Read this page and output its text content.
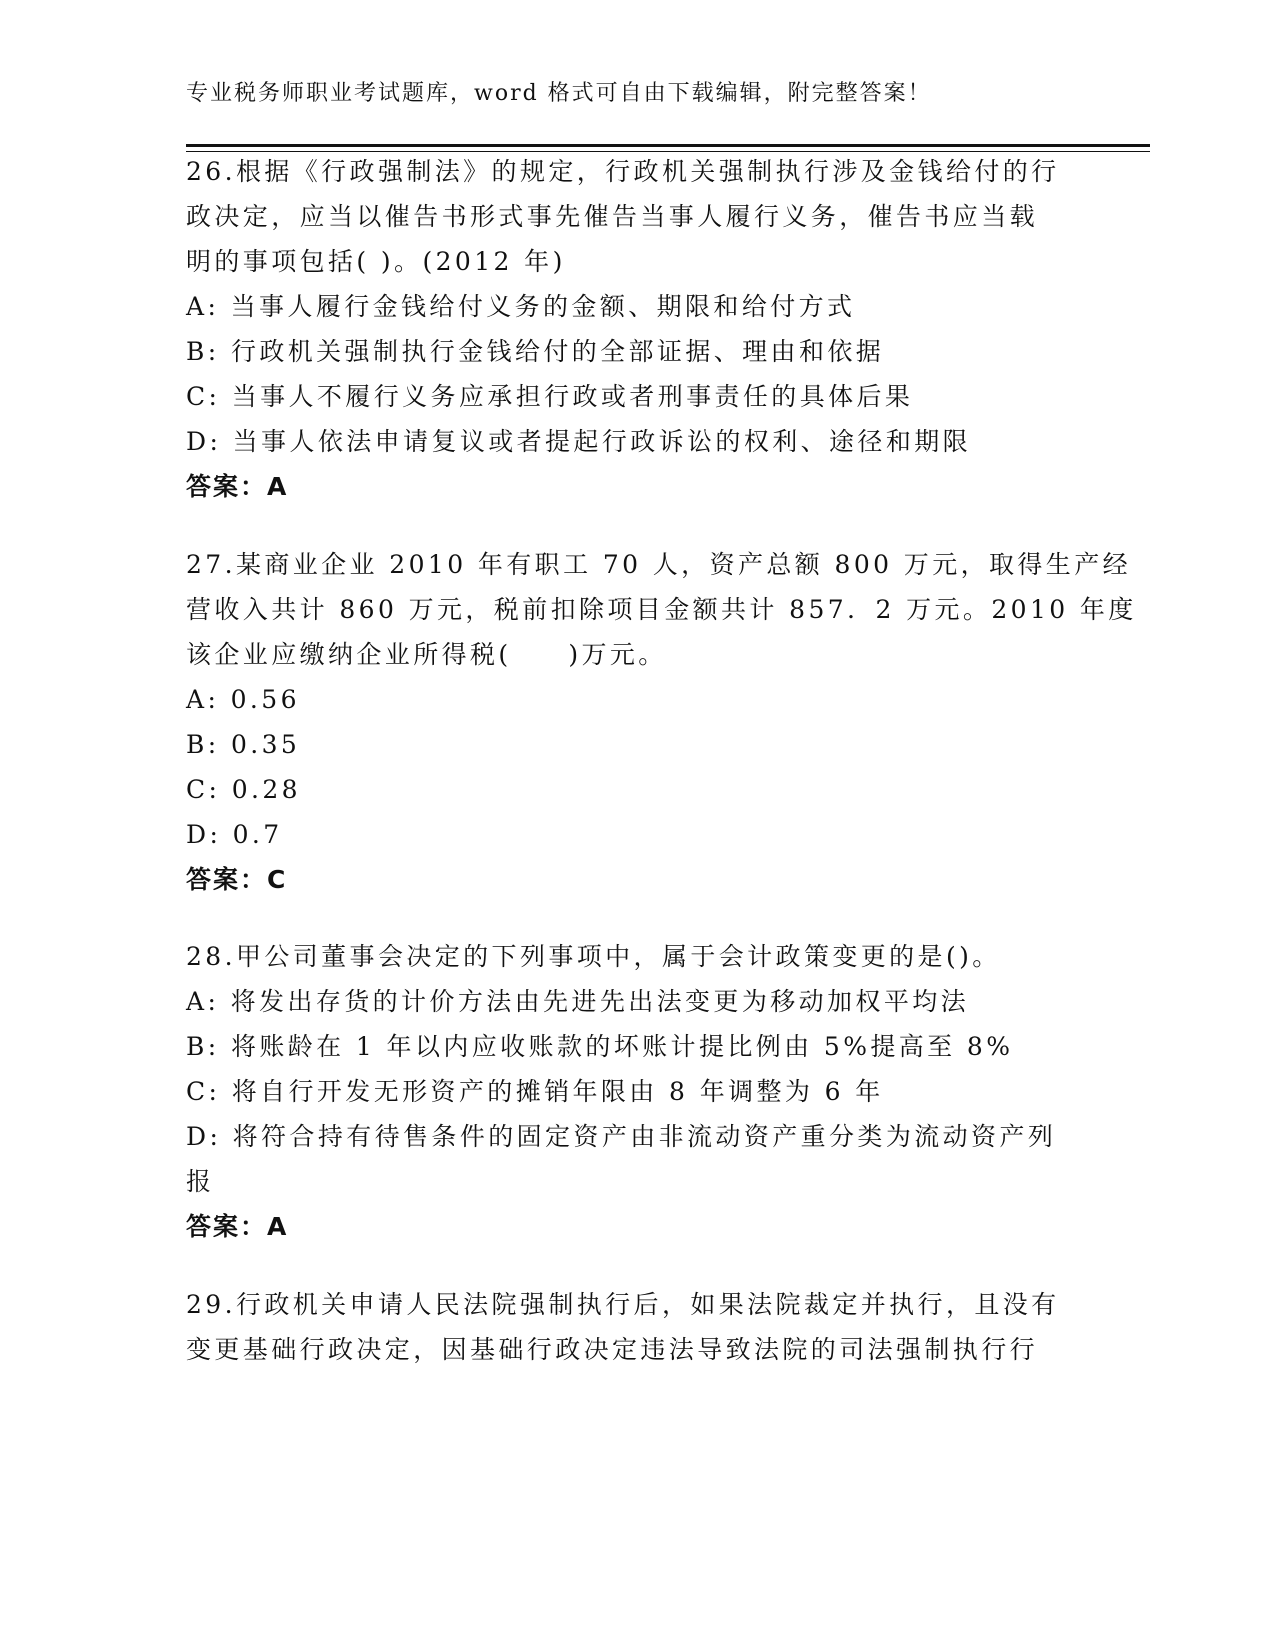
专业税务师职业考试题库，word 格式可自由下载编辑，附完整答案！
26.根据《行政强制法》的规定，行政机关强制执行涉及金钱给付的行
政决定，应当以催告书形式事先催告当事人履行义务，催告书应当载
明的事项包括( )。(2012 年)
A: 当事人履行金钱给付义务的金额、期限和给付方式
B: 行政机关强制执行金钱给付的全部证据、理由和依据
C: 当事人不履行义务应承担行政或者刑事责任的具体后果
D: 当事人依法申请复议或者提起行政诉讼的权利、途径和期限
答案：A
27.某商业企业 2010 年有职工 70 人，资产总额 800 万元，取得生产经
营收入共计 860 万元，税前扣除项目金额共计 857．2 万元。2010 年度
该企业应缴纳企业所得税(　　)万元。
A: 0.56
B: 0.35
C: 0.28
D: 0.7
答案：C
28.甲公司董事会决定的下列事项中，属于会计政策变更的是()。
A: 将发出存货的计价方法由先进先出法变更为移动加权平均法
B: 将账龄在 1 年以内应收账款的坏账计提比例由 5%提高至 8%
C: 将自行开发无形资产的摊销年限由 8 年调整为 6 年
D: 将符合持有待售条件的固定资产由非流动资产重分类为流动资产列
报
答案：A
29.行政机关申请人民法院强制执行后，如果法院裁定并执行，且没有
变更基础行政决定，因基础行政决定违法导致法院的司法强制执行行
